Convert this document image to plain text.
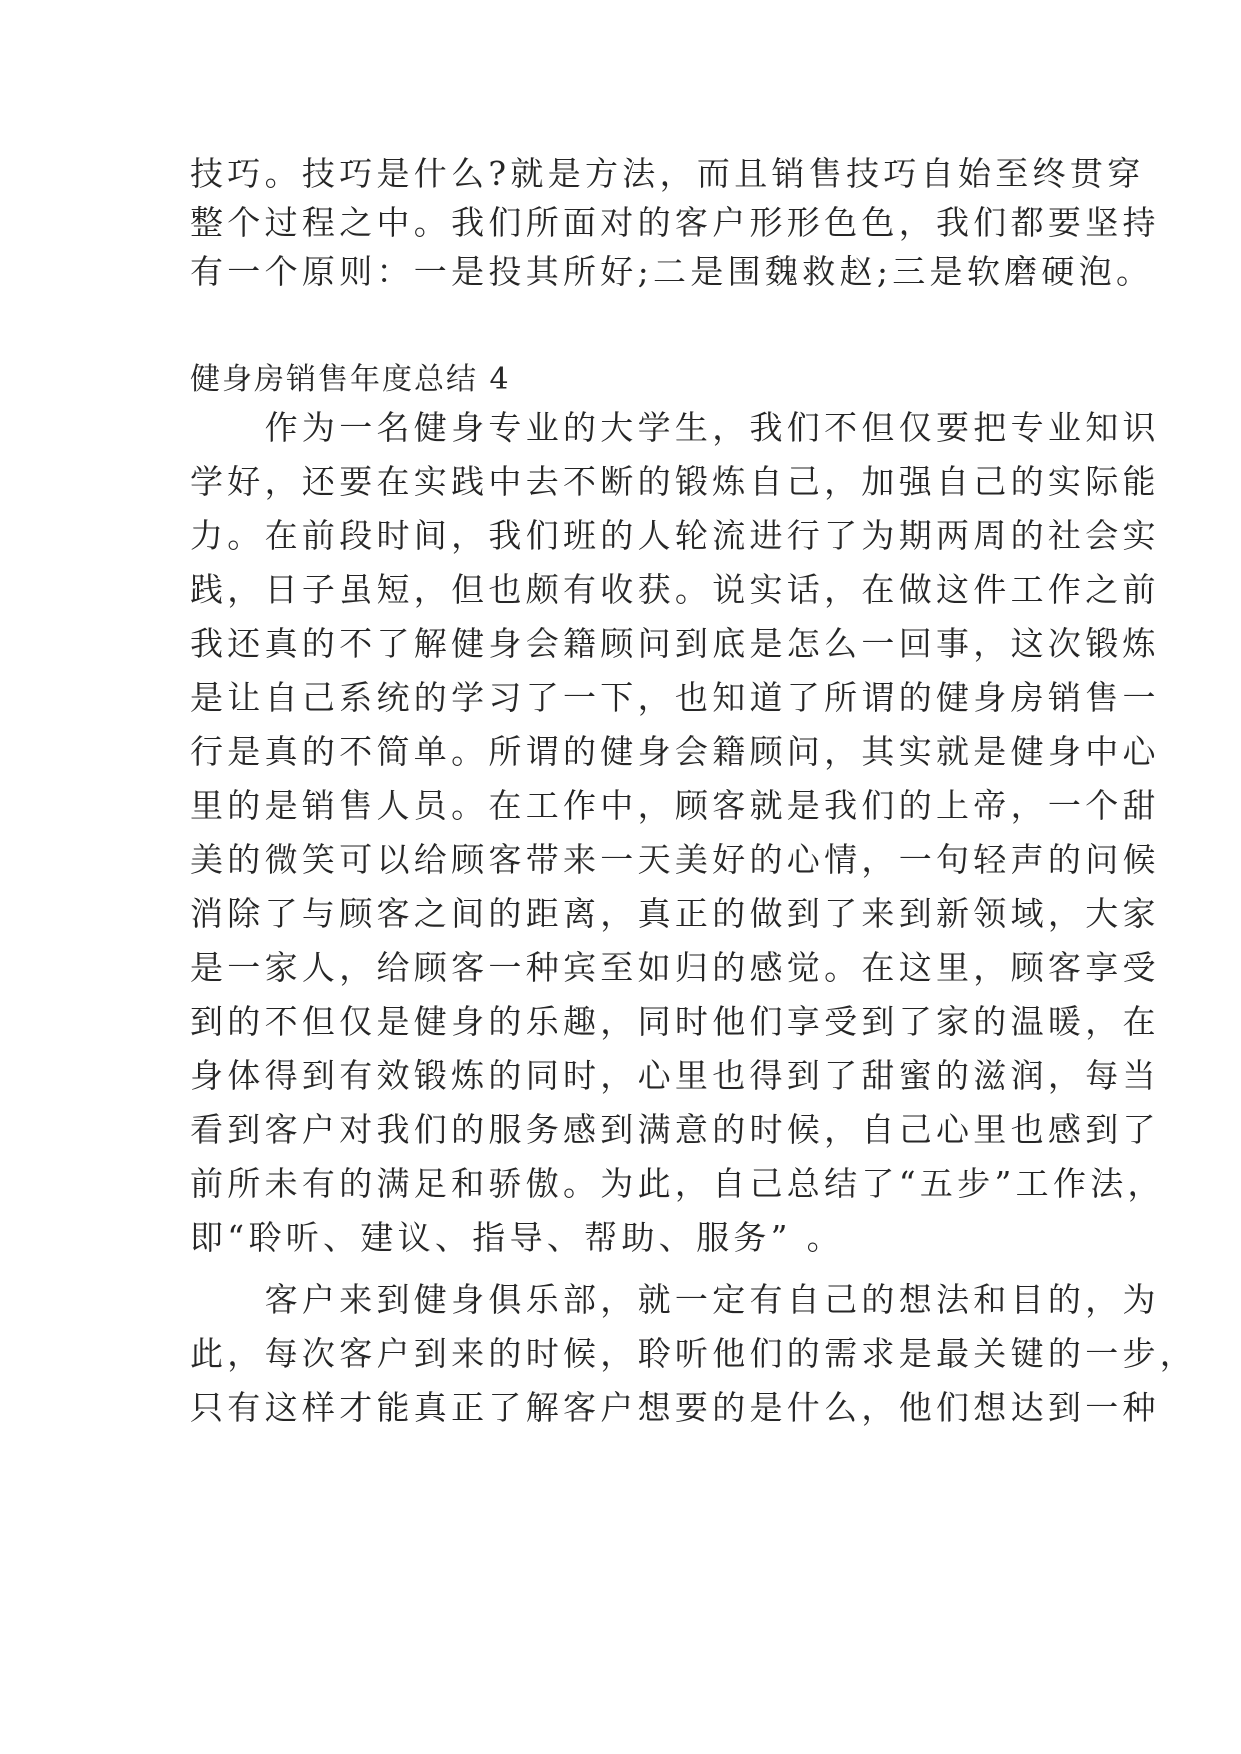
技巧。技巧是什么?就是方法，而且销售技巧自始至终贯穿
整个过程之中。我们所面对的客户形形色色，我们都要坚持
有一个原则：一是投其所好;二是围魏救赵;三是软磨硬泡。
健身房销售年度总结 4
　　作为一名健身专业的大学生，我们不但仅要把专业知识
学好，还要在实践中去不断的锻炼自己，加强自己的实际能
力。在前段时间，我们班的人轮流进行了为期两周的社会实
践，日子虽短，但也颇有收获。说实话，在做这件工作之前
我还真的不了解健身会籍顾问到底是怎么一回事，这次锻炼
是让自己系统的学习了一下，也知道了所谓的健身房销售一
行是真的不简单。所谓的健身会籍顾问，其实就是健身中心
里的是销售人员。在工作中，顾客就是我们的上帝，一个甜
美的微笑可以给顾客带来一天美好的心情，一句轻声的问候
消除了与顾客之间的距离，真正的做到了来到新领域，大家
是一家人，给顾客一种宾至如归的感觉。在这里，顾客享受
到的不但仅是健身的乐趣，同时他们享受到了家的温暖，在
身体得到有效锻炼的同时，心里也得到了甜蜜的滋润，每当
看到客户对我们的服务感到满意的时候，自己心里也感到了
前所未有的满足和骄傲。为此，自己总结了“五步”工作法，
即“聆听、建议、指导、帮助、服务” 。
　　客户来到健身俱乐部，就一定有自己的想法和目的，为
此，每次客户到来的时候，聆听他们的需求是最关键的一步，
只有这样才能真正了解客户想要的是什么，他们想达到一种
